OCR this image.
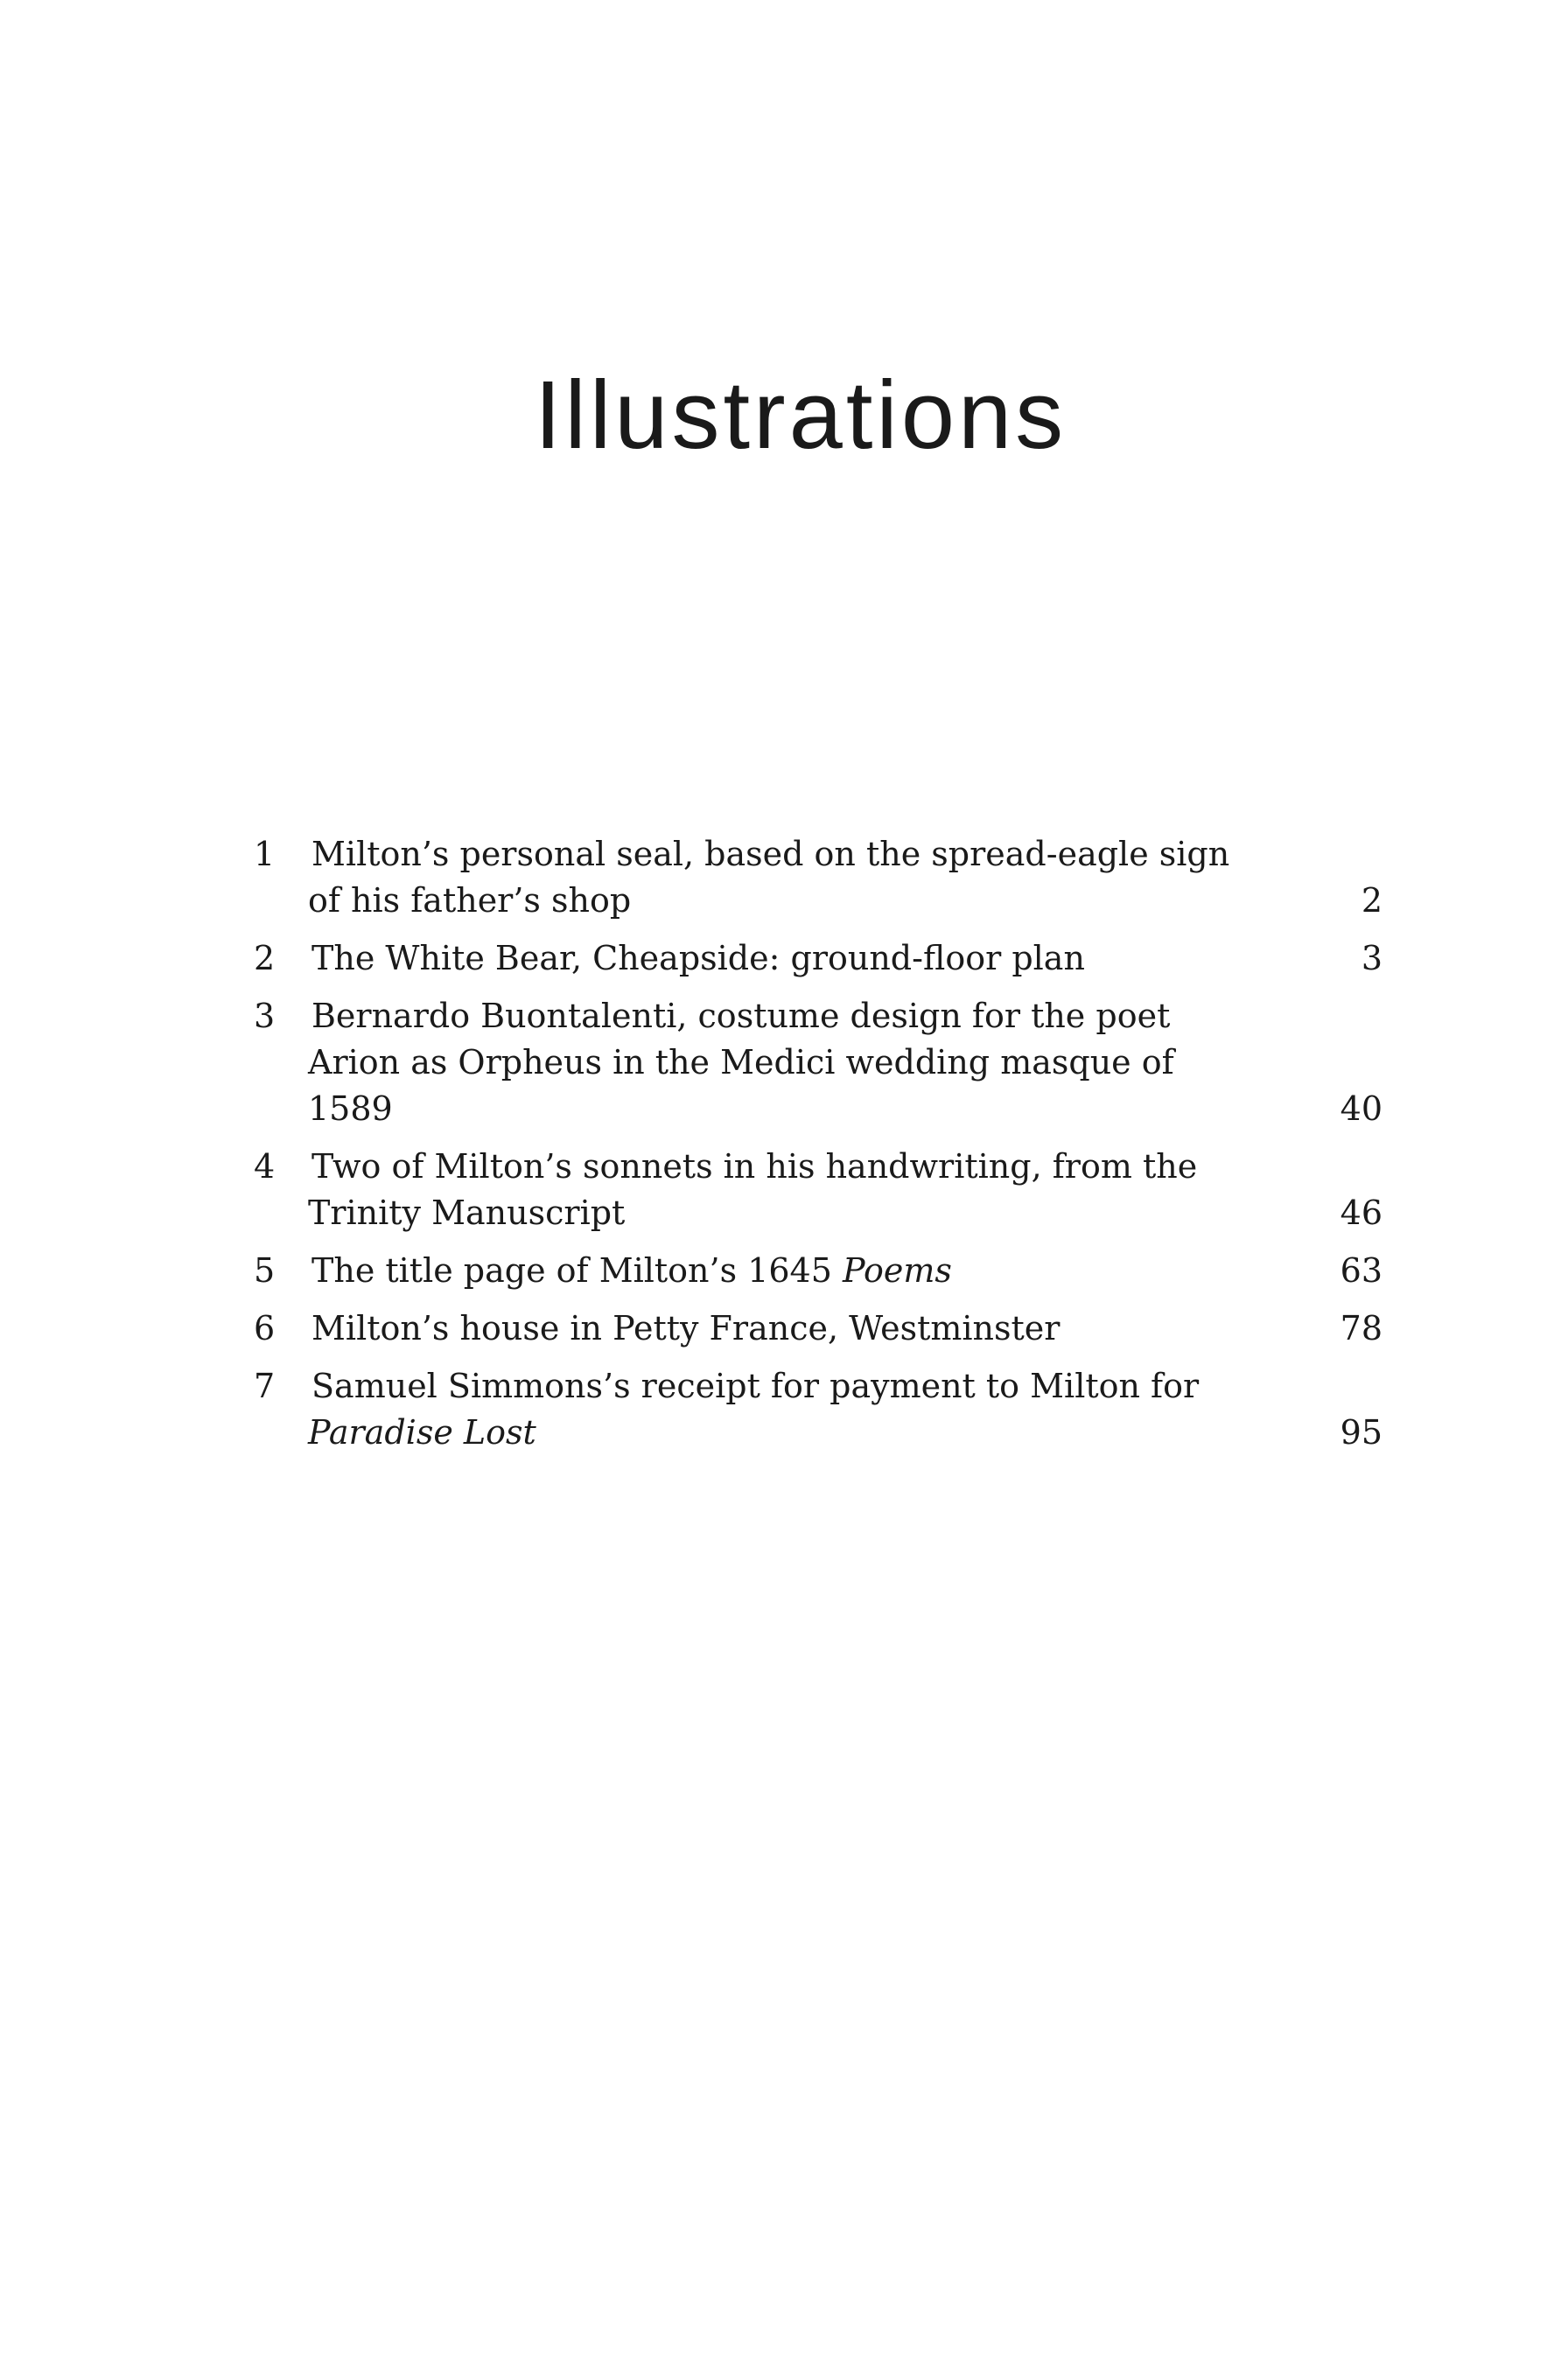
Illustrations
1	Milton’s personal seal, based on the spread-eagle sign
of his father’s shop	2
2	The White Bear, Cheapside: ground-floor plan	3
3	Bernardo Buontalenti, costume design for the poet
Arion as Orpheus in the Medici wedding masque of
1589	40
4	Two of Milton’s sonnets in his handwriting, from the
Trinity Manuscript	46
5	The title page of Milton’s 1645 Poems	63
6	Milton’s house in Petty France, Westminster	78
7	Samuel Simmons’s receipt for payment to Milton for
Paradise Lost	95
